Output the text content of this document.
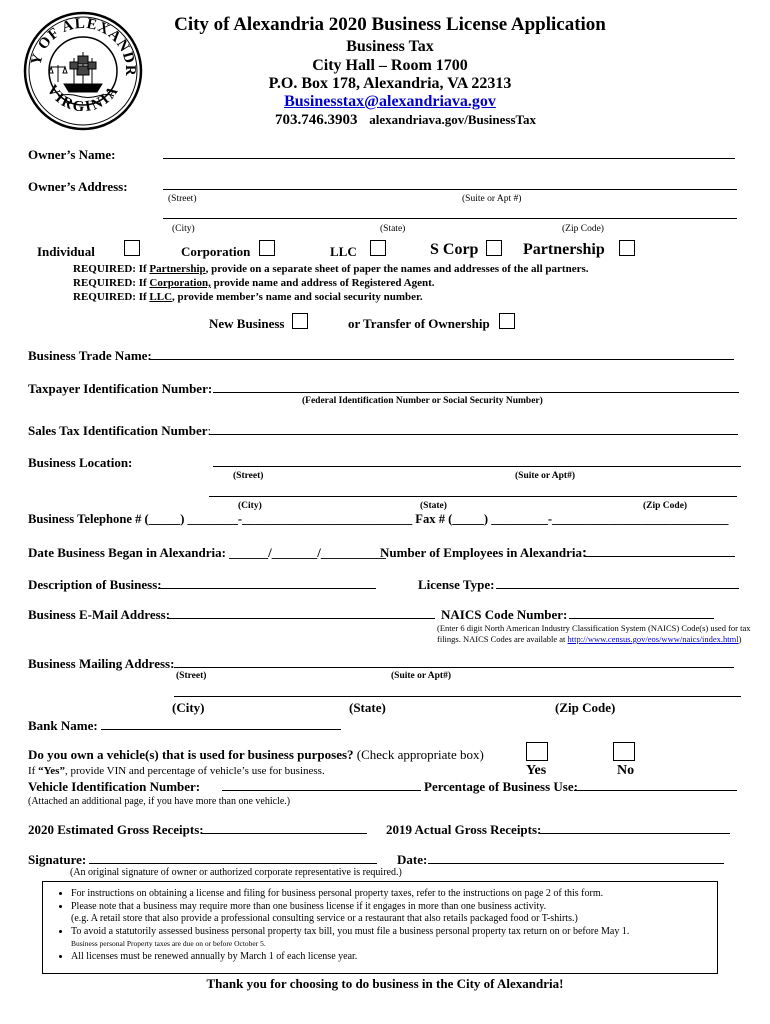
Y OF ALEXANDR
VIRGINIA
City of Alexandria 2020 Business License Application
Business Tax
City Hall – Room 1700
P.O. Box 178, Alexandria, VA 22313
Businesstax@alexandriava.gov
703.746.3903 alexandriava.gov/BusinessTax
Owner’s Name:
Owner’s Address:
(Street)	(Suite or Apt #)
(City)	(State)	(Zip Code)
Individual	Corporation	LLC	S Corp	Partnership
REQUIRED: If Partnership, provide on a separate sheet of paper the names and addresses of the all partners.
REQUIRED: If Corporation, provide name and address of Registered Agent.
REQUIRED: If LLC, provide member’s name and social security number.
New Business	or Transfer of Ownership
Business Trade Name:
Taxpayer Identification Number:
(Federal Identification Number or Social Security Number)
Sales Tax Identification Number:
Business Location:
(Street)	(Suite or Apt#)
(City)	(State)	(Zip Code)
Business Telephone # (_____) ________-___________________________ Fax # (_____) _________-____________________________
Date Business Began in Alexandria: ______/_______/__________
Number of Employees in Alexandria:
Description of Business:	License Type:
Business E-Mail Address:	NAICS Code Number:
(Enter 6 digit North American Industry Classification System (NAICS) Code(s) used for tax
filings. NAICS Codes are available at http://www.census.gov/eos/www/naics/index.html)
Business Mailing Address:
(Street)	(Suite or Apt#)
(City)	(State)	(Zip Code)
Bank Name:
Do you own a vehicle(s) that is used for business purposes? (Check appropriate box)
If “Yes”, provide VIN and percentage of vehicle’s use for business.	Yes	No
Vehicle Identification Number:	Percentage of Business Use:
(Attached an additional page, if you have more than one vehicle.)
2020 Estimated Gross Receipts:	2019 Actual Gross Receipts:
Signature:	Date:
(An original signature of owner or authorized corporate representative is required.)
• For instructions on obtaining a license and filing for business personal property taxes, refer to the instructions on page 2 of this form.
• Please note that a business may require more than one business license if it engages in more than one business activity.
(e.g. A retail store that also provide a professional consulting service or a restaurant that also retails packaged food or T-shirts.)
• To avoid a statutorily assessed business personal property tax bill, you must file a business personal property tax return on or before May 1.
Business personal Property taxes are due on or before October 5.
• All licenses must be renewed annually by March 1 of each license year.
Thank you for choosing to do business in the City of Alexandria!
